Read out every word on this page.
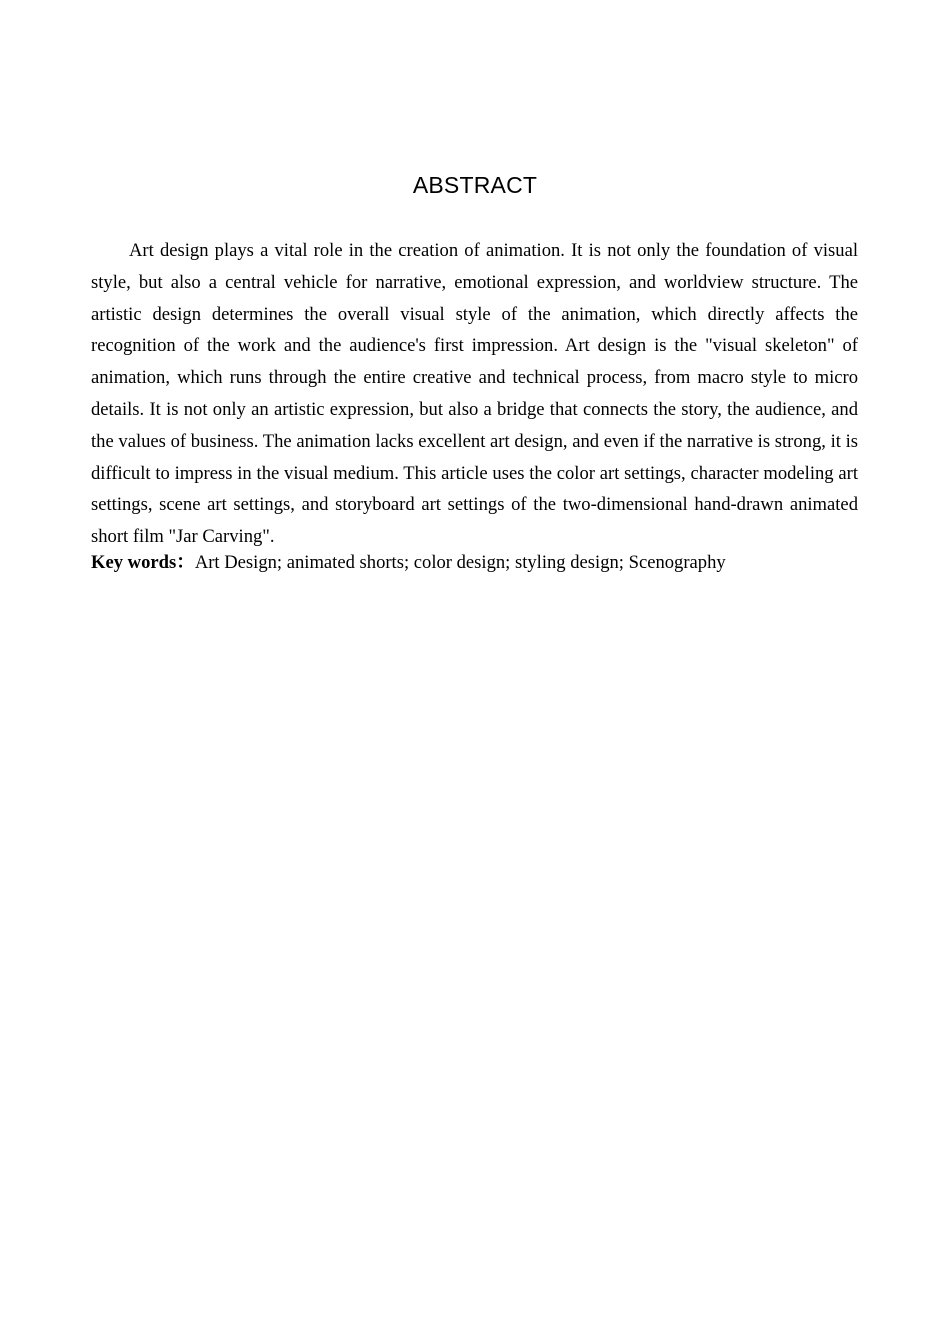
ABSTRACT

Art design plays a vital role in the creation of animation. It is not only the foundation of visual style, but also a central vehicle for narrative, emotional expression, and worldview structure. The artistic design determines the overall visual style of the animation, which directly affects the recognition of the work and the audience's first impression. Art design is the "visual skeleton" of animation, which runs through the entire creative and technical process, from macro style to micro details. It is not only an artistic expression, but also a bridge that connects the story, the audience, and the values of business. The animation lacks excellent art design, and even if the narrative is strong, it is difficult to impress in the visual medium. This article uses the color art settings, character modeling art settings, scene art settings, and storyboard art settings of the two-dimensional hand-drawn animated short film "Jar Carving".

Key words：Art Design; animated shorts; color design; styling design; Scenography
